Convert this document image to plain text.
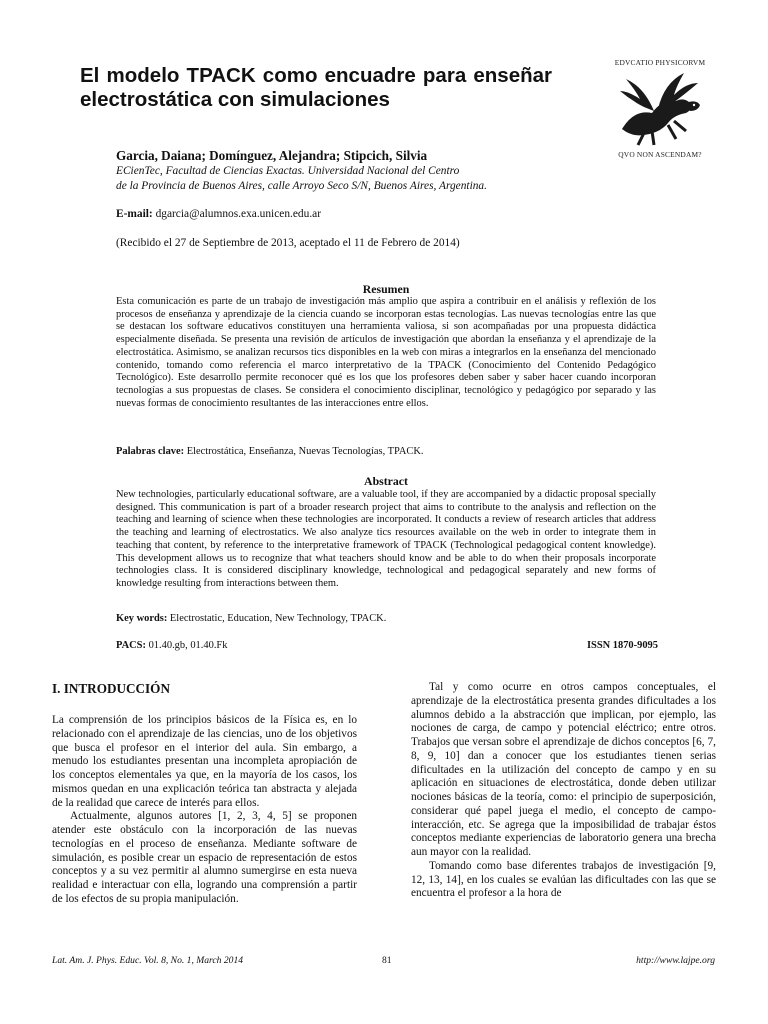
El modelo TPACK como encuadre para enseñar electrostática con simulaciones
EDVCATIO PHYSICORVM
QVO NON ASCENDAM?

Garcia, Daiana; Domínguez, Alejandra; Stipcich, Silvia

ECienTec, Facultad de Ciencias Exactas. Universidad Nacional del Centro
de la Provincia de Buenos Aires, calle Arroyo Seco S/N, Buenos Aires, Argentina.

E-mail: dgarcia@alumnos.exa.unicen.edu.ar

(Recibido el 27 de Septiembre de 2013, aceptado el 11 de Febrero de 2014)

Resumen

Esta comunicación es parte de un trabajo de investigación más amplio que aspira a contribuir en el análisis y reflexión de los procesos de enseñanza y aprendizaje de la ciencia cuando se incorporan estas tecnologías. Las nuevas tecnologías entre las que se destacan los software educativos constituyen una herramienta valiosa, si son acompañadas por una propuesta didáctica especialmente diseñada. Se presenta una revisión de artículos de investigación que abordan la enseñanza y el aprendizaje de la electrostática. Asimismo, se analizan recursos tics disponibles en la web con miras a integrarlos en la enseñanza del mencionado contenido, tomando como referencia el marco interpretativo de la TPACK (Conocimiento del Contenido Pedagógico Tecnológico). Este desarrollo permite reconocer qué es los que los profesores deben saber y saber hacer cuando incorporan tecnologías a sus propuestas de clases. Se considera el conocimiento disciplinar, tecnológico y pedagógico por separado y las nuevas formas de conocimiento resultantes de las interacciones entre ellos.

Palabras clave: Electrostática, Enseñanza, Nuevas Tecnologías, TPACK.

Abstract

New technologies, particularly educational software, are a valuable tool, if they are accompanied by a didactic proposal specially designed. This communication is part of a broader research project that aims to contribute to the analysis and reflection on the teaching and learning of science when these technologies are incorporated. It conducts a review of research articles that address the teaching and learning of electrostatics. We also analyze tics resources available on the web in order to integrate them in teaching that content, by reference to the interpretative framework of TPACK (Technological pedagogical content knowledge). This development allows us to recognize that what teachers should know and be able to do when their proposals incorporate technologies class. It is considered disciplinary knowledge, technological and pedagogical separately and new forms of knowledge resulting from interactions between them.

Key words: Electrostatic, Education, New Technology, TPACK.

PACS: 01.40.gb, 01.40.Fk	ISSN 1870-9095

I. INTRODUCCIÓN

La comprensión de los principios básicos de la Física es, en lo relacionado con el aprendizaje de las ciencias, uno de los objetivos que busca el profesor en el interior del aula. Sin embargo, a menudo los estudiantes presentan una incompleta apropiación de los conceptos elementales ya que, en la mayoría de los casos, los mismos quedan en una explicación teórica tan abstracta y alejada de la realidad que carece de interés para ellos.

Actualmente, algunos autores [1, 2, 3, 4, 5] se proponen atender este obstáculo con la incorporación de las nuevas tecnologías en el proceso de enseñanza. Mediante software de simulación, es posible crear un espacio de representación de estos conceptos y a su vez permitir al alumno sumergirse en esta nueva realidad e interactuar con ella, logrando una comprensión a partir de los efectos de su propia manipulación.

Tal y como ocurre en otros campos conceptuales, el aprendizaje de la electrostática presenta grandes dificultades a los alumnos debido a la abstracción que implican, por ejemplo, las nociones de carga, de campo y potencial eléctrico; entre otros. Trabajos que versan sobre el aprendizaje de dichos conceptos [6, 7, 8, 9, 10] dan a conocer que los estudiantes tienen serias dificultades en la utilización del concepto de campo y en su aplicación en situaciones de electrostática, donde deben utilizar nociones básicas de la teoría, como: el principio de superposición, considerar qué papel juega el medio, el concepto de campo-interacción, etc. Se agrega que la imposibilidad de trabajar éstos conceptos mediante experiencias de laboratorio genera una brecha aun mayor con la realidad.

Tomando como base diferentes trabajos de investigación [9, 12, 13, 14], en los cuales se evalúan las dificultades con las que se encuentra el profesor a la hora de

Lat. Am. J. Phys. Educ. Vol. 8, No. 1, March 2014	81	http://www.lajpe.org
